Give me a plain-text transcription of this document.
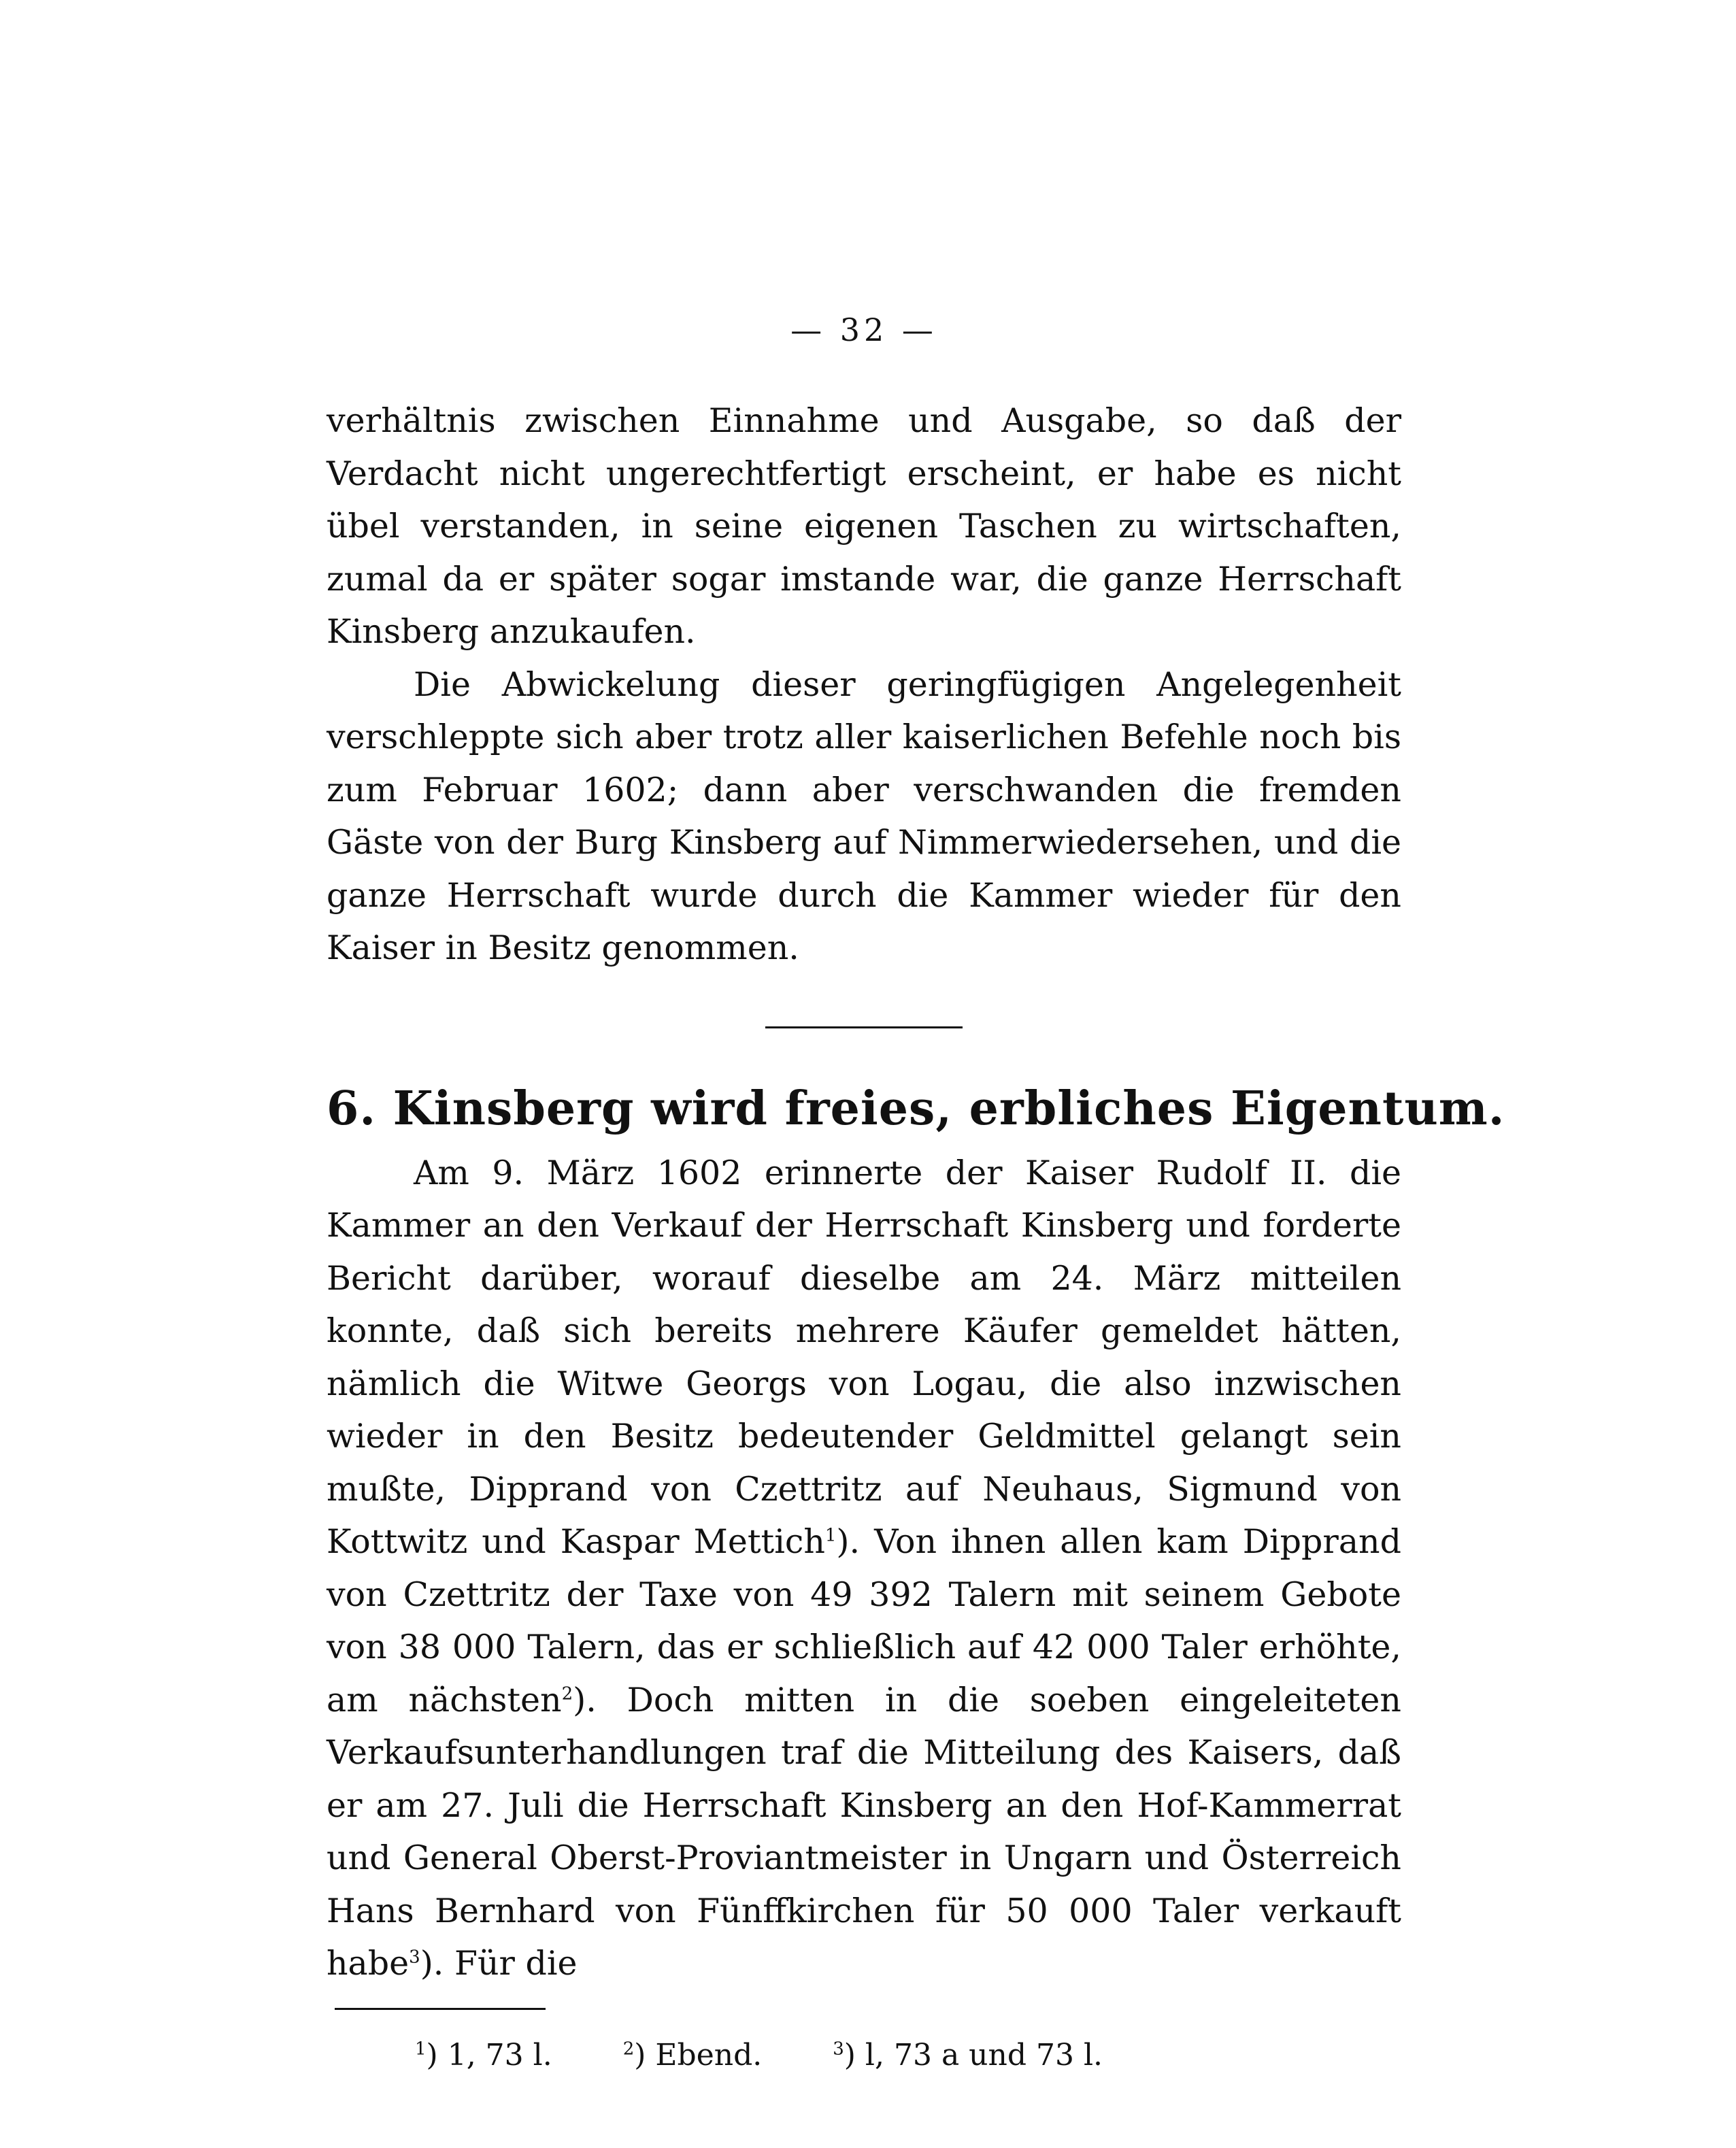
— 32 —

verhältnis zwischen Einnahme und Ausgabe, so daß der Verdacht nicht ungerechtfertigt erscheint, er habe es nicht übel verstanden, in seine eigenen Taschen zu wirtschaften, zumal da er später sogar imstande war, die ganze Herrschaft Kinsberg anzukaufen.

Die Abwickelung dieser geringfügigen Angelegenheit verschleppte sich aber trotz aller kaiserlichen Befehle noch bis zum Februar 1602; dann aber verschwanden die fremden Gäste von der Burg Kinsberg auf Nimmerwiedersehen, und die ganze Herrschaft wurde durch die Kammer wieder für den Kaiser in Besitz genommen.

6. Kinsberg wird freies, erbliches Eigentum.

Am 9. März 1602 erinnerte der Kaiser Rudolf II. die Kammer an den Verkauf der Herrschaft Kinsberg und forderte Bericht darüber, worauf dieselbe am 24. März mitteilen konnte, daß sich bereits mehrere Käufer gemeldet hätten, nämlich die Witwe Georgs von Logau, die also inzwischen wieder in den Besitz bedeutender Geldmittel gelangt sein mußte, Dipprand von Czettritz auf Neuhaus, Sigmund von Kottwitz und Kaspar Mettich$^1$). Von ihnen allen kam Dipprand von Czettritz der Taxe von 49 392 Talern mit seinem Gebote von 38 000 Talern, das er schließlich auf 42 000 Taler erhöhte, am nächsten$^2$). Doch mitten in die soeben eingeleiteten Verkaufsunterhandlungen traf die Mitteilung des Kaisers, daß er am 27. Juli die Herrschaft Kinsberg an den Hof-Kammerrat und General Oberst-Proviantmeister in Ungarn und Österreich Hans Bernhard von Fünffkirchen für 50 000 Taler verkauft habe$^3$). Für die

$^1$) 1, 73 l.	$^2$) Ebend.	$^3$) l, 73 a und 73 l.
